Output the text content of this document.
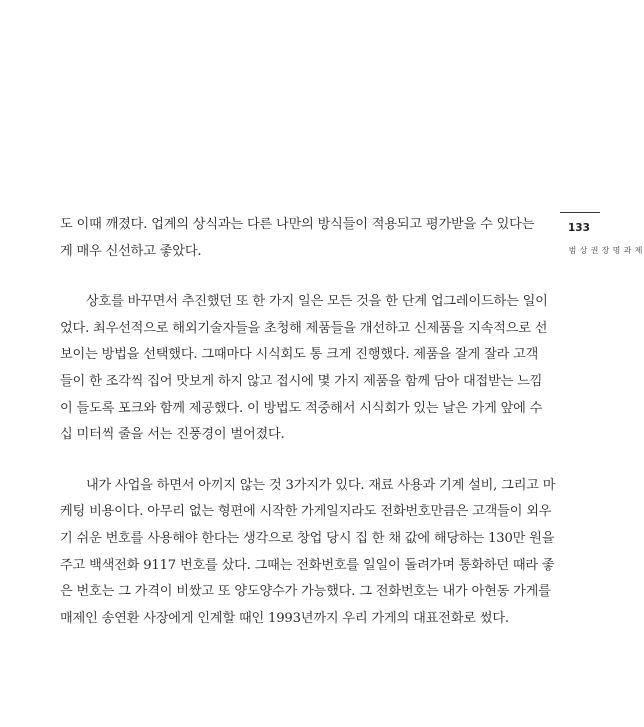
도 이때 깨졌다. 업계의 상식과는 다른 나만의 방식들이 적용되고 평가받을 수 있다는
게 매우 신선하고 좋았다.

상호를 바꾸면서 추진했던 또 한 가지 일은 모든 것을 한 단계 업그레이드하는 일이
었다. 최우선적으로 해외기술자들을 초청해 제품들을 개선하고 신제품을 지속적으로 선
보이는 방법을 선택했다. 그때마다 시식회도 통 크게 진행했다. 제품을 잘게 잘라 고객
들이 한 조각씩 집어 맛보게 하지 않고 접시에 몇 가지 제품을 함께 담아 대접받는 느낌
이 들도록 포크와 함께 제공했다. 이 방법도 적중해서 시식회가 있는 날은 가게 앞에 수
십 미터씩 줄을 서는 진풍경이 벌어졌다.

내가 사업을 하면서 아끼지 않는 것 3가지가 있다. 재료 사용과 기계 설비, 그리고 마
케팅 비용이다. 아무리 없는 형편에 시작한 가게일지라도 전화번호만큼은 고객들이 외우
기 쉬운 번호를 사용해야 한다는 생각으로 창업 당시 집 한 채 값에 해당하는 130만 원을
주고 백색전화 9117 번호를 샀다. 그때는 전화번호를 일일이 돌려가며 통화하던 때라 좋
은 번호는 그 가격이 비쌌고 또 양도양수가 가능했다. 그 전화번호는 내가 아현동 가게를
매제인 송연환 사장에게 인계할 때인 1993년까지 우리 가게의 대표전화로 썼다.

133
제과명장 권상범
